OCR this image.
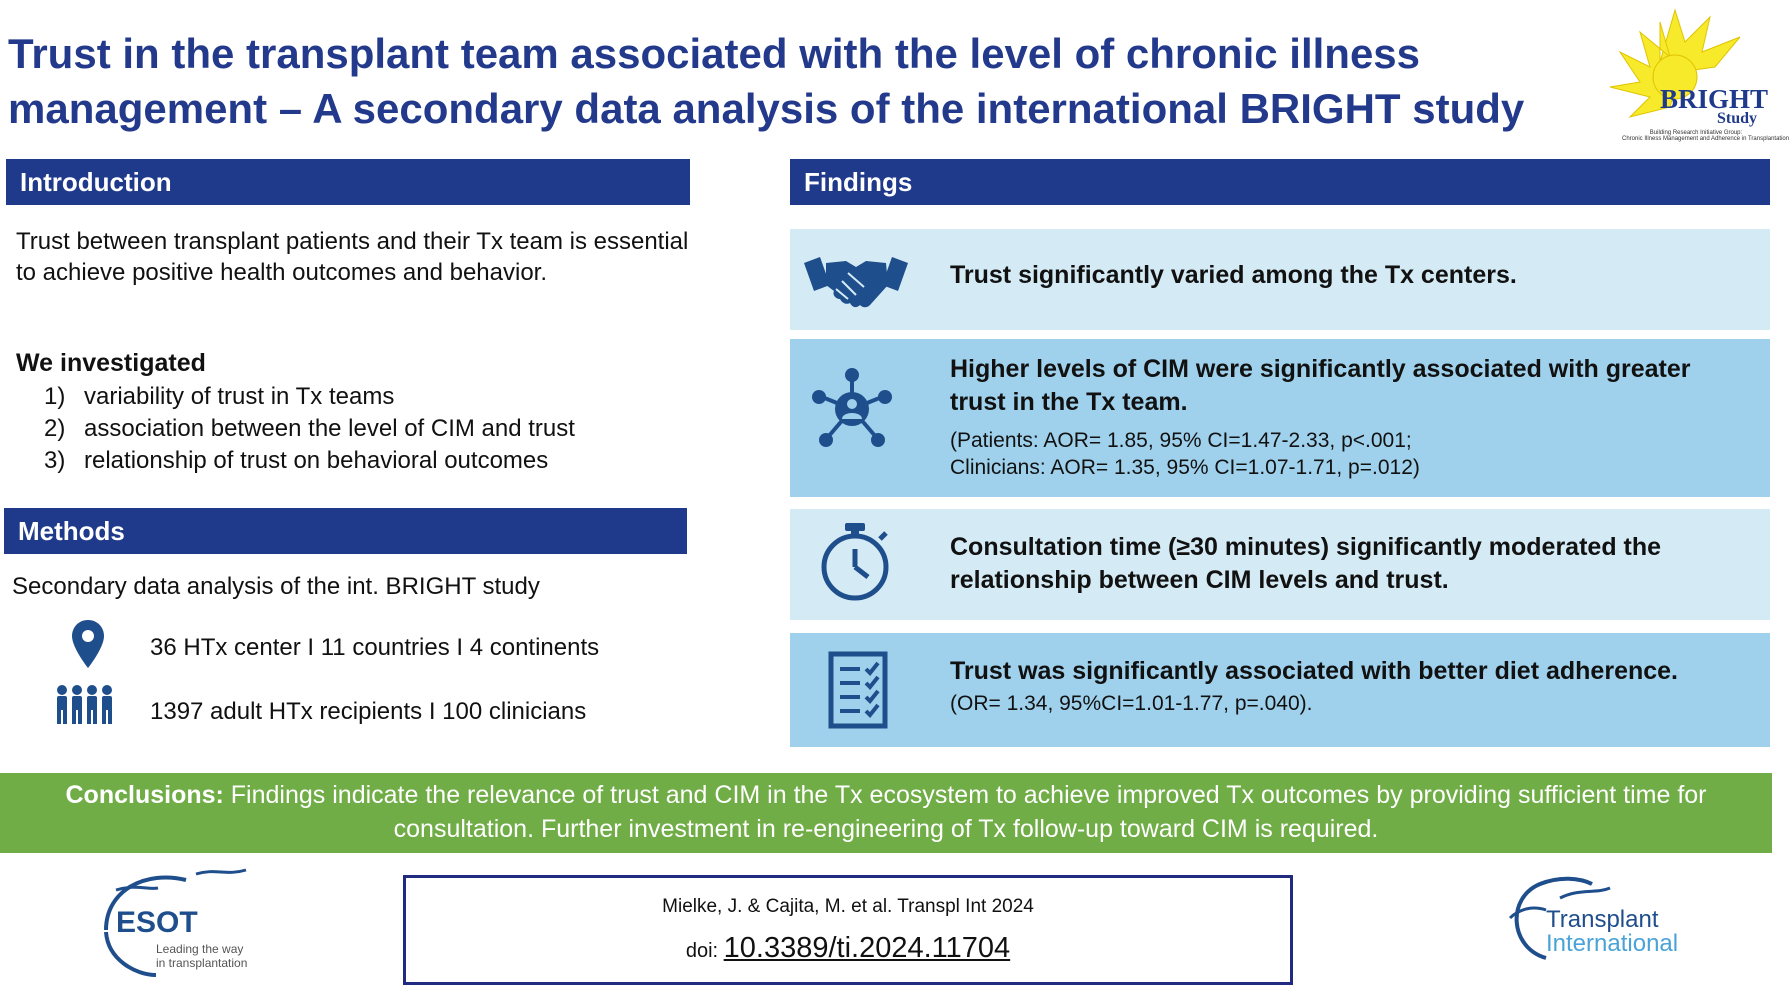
Trust in the transplant team associated with the level of chronic illness
management – A secondary data analysis of the international BRIGHT study	BRIGHT
Study
Building Research Initiative Group:
Chronic Illness Management and Adherence in Transplantation
Introduction
Trust between transplant patients and their Tx team is essential to achieve positive health outcomes and behavior.
We investigated
1) variability of trust in Tx teams
2) association between the level of CIM and trust
3) relationship of trust on behavioral outcomes
Methods
Secondary data analysis of the int. BRIGHT study
36 HTx center I 11 countries I 4 continents
1397 adult HTx recipients I 100 clinicians
Findings
Trust significantly varied among the Tx centers.
Higher levels of CIM were significantly associated with greater trust in the Tx team.
(Patients: AOR= 1.85, 95% CI=1.47-2.33, p<.001;
Clinicians: AOR= 1.35, 95% CI=1.07-1.71, p=.012)
Consultation time (≥30 minutes) significantly moderated the relationship between CIM levels and trust.
Trust was significantly associated with better diet adherence.
(OR= 1.34, 95%CI=1.01-1.77, p=.040).
Conclusions: Findings indicate the relevance of trust and CIM in the Tx ecosystem to achieve improved Tx outcomes by providing sufficient time for consultation. Further investment in re-engineering of Tx follow-up toward CIM is required.
ESOT
Leading the way
in transplantation
Mielke, J. & Cajita, M. et al. Transpl Int 2024
doi: 10.3389/ti.2024.11704
Transplant
International
